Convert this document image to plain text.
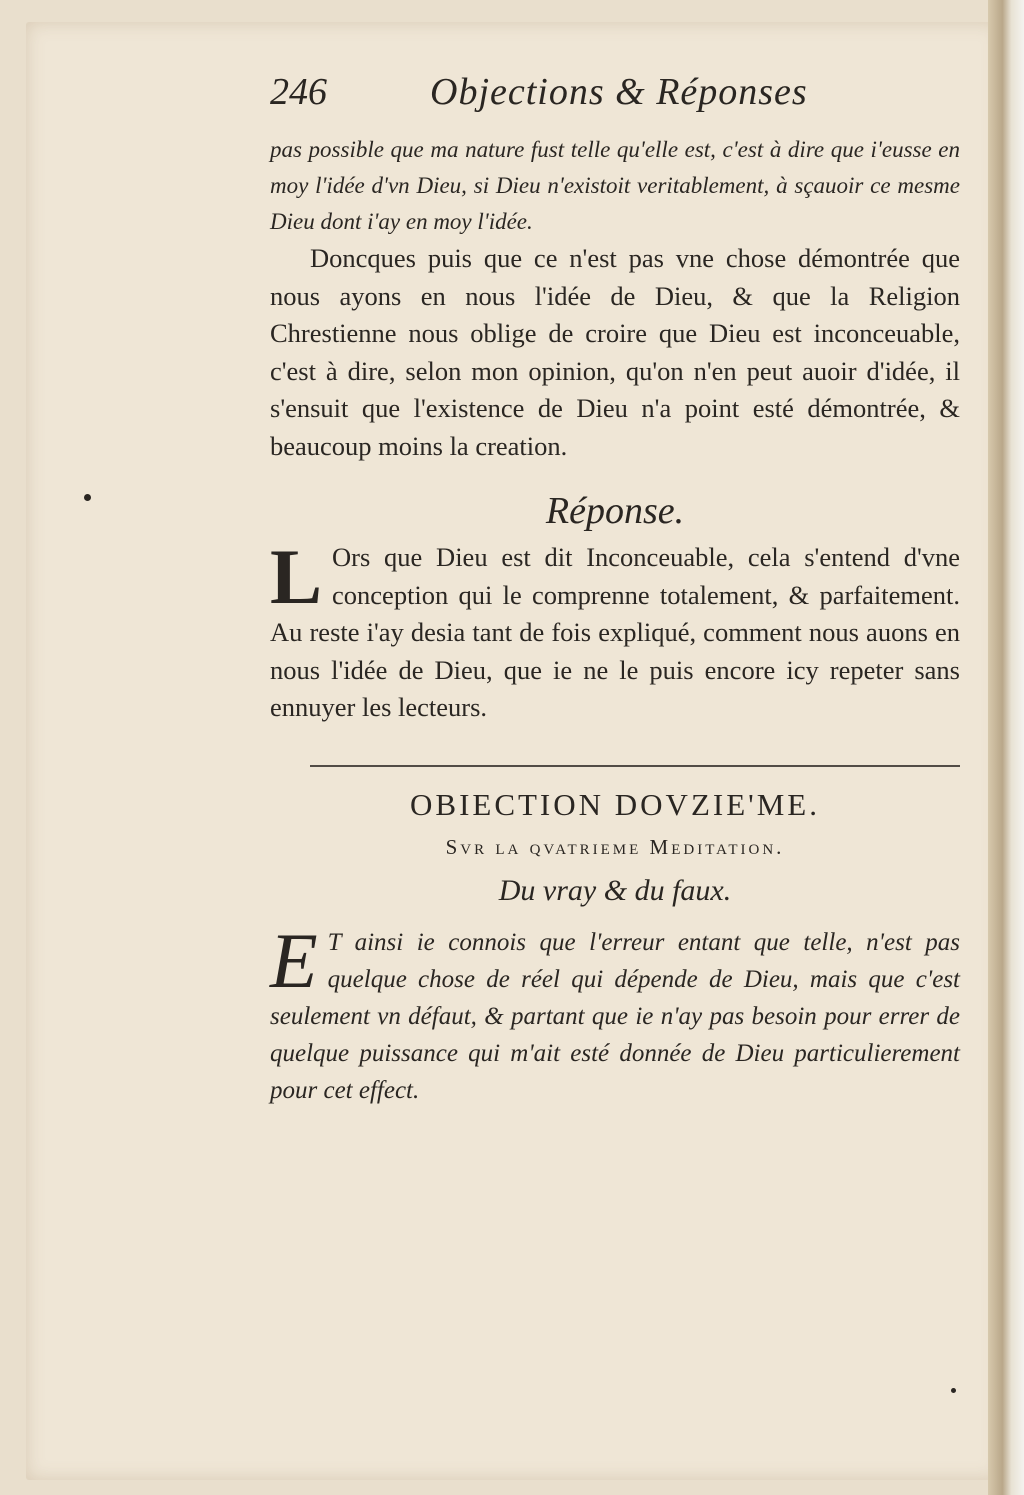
246	Objections & Réponses

pas possible que ma nature fust telle qu'elle est, c'est à dire que i'eusse en moy l'idée d'vn Dieu, si Dieu n'existoit veritablement, à sçauoir ce mesme Dieu dont i'ay en moy l'idée.

Doncques puis que ce n'est pas vne chose démontrée que nous ayons en nous l'idée de Dieu, & que la Religion Chrestienne nous oblige de croire que Dieu est inconceuable, c'est à dire, selon mon opinion, qu'on n'en peut auoir d'idée, il s'ensuit que l'existence de Dieu n'a point esté démontrée, & beaucoup moins la creation.

Réponse.
L Ors que Dieu est dit Inconceuable, cela s'entend d'vne conception qui le comprenne totalement, & parfaitement. Au reste i'ay desia tant de fois expliqué, comment nous auons en nous l'idée de Dieu, que ie ne le puis encore icy repeter sans ennuyer les lecteurs.

OBIECTION DOVZIE'ME.
Svr la qvatrieme Meditation.
Du vray & du faux.
E T ainsi ie connois que l'erreur entant que telle, n'est pas quelque chose de réel qui dépende de Dieu, mais que c'est seulement vn défaut, & partant que ie n'ay pas besoin pour errer de quelque puissance qui m'ait esté donnée de Dieu particulierement pour cet effect.
